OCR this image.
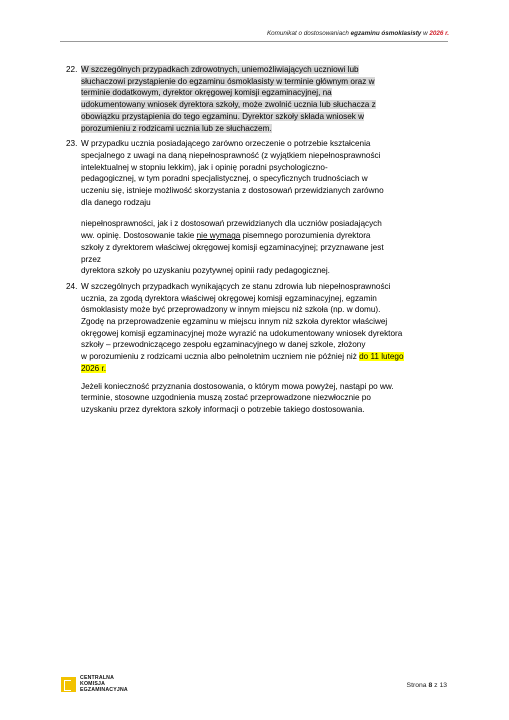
Komunikat o dostosowaniach egzaminu ósmoklasisty w 2026 r.
22. W szczególnych przypadkach zdrowotnych, uniemożliwiających uczniowi lub
słuchaczowi przystąpienie do egzaminu ósmoklasisty w terminie głównym oraz w
terminie dodatkowym, dyrektor okręgowej komisji egzaminacyjnej, na
udokumentowany wniosek dyrektora szkoły, może zwolnić ucznia lub słuchacza z
obowiązku przystąpienia do tego egzaminu. Dyrektor szkoły składa wniosek w
porozumieniu z rodzicami ucznia lub ze słuchaczem.
23. W przypadku ucznia posiadającego zarówno orzeczenie o potrzebie kształcenia
specjalnego z uwagi na daną niepełnosprawność (z wyjątkiem niepełnosprawności
intelektualnej w stopniu lekkim), jak i opinię poradni psychologiczno-
pedagogicznej, w tym poradni specjalistycznej, o specyficznych trudnościach w
uczeniu się, istnieje możliwość skorzystania z dostosowań przewidzianych zarówno
dla danego rodzaju
niepełnosprawności, jak i z dostosowań przewidzianych dla uczniów posiadających
ww. opinię. Dostosowanie takie nie wymaga pisemnego porozumienia dyrektora
szkoły z dyrektorem właściwej okręgowej komisji egzaminacyjnej; przyznawane jest
przez
dyrektora szkoły po uzyskaniu pozytywnej opinii rady pedagogicznej.
24. W szczególnych przypadkach wynikających ze stanu zdrowia lub niepełnosprawności
ucznia, za zgodą dyrektora właściwej okręgowej komisji egzaminacyjnej, egzamin
ósmoklasisty może być przeprowadzony w innym miejscu niż szkoła (np. w domu).
Zgodę na przeprowadzenie egzaminu w miejscu innym niż szkoła dyrektor właściwej
okręgowej komisji egzaminacyjnej może wyrazić na udokumentowany wniosek dyrektora
szkoły – przewodniczącego zespołu egzaminacyjnego w danej szkole, złożony
w porozumieniu z rodzicami ucznia albo pełnoletnim uczniem nie później niż do 11 lutego
2026 r.
Jeżeli konieczność przyznania dostosowania, o którym mowa powyżej, nastąpi po ww.
terminie, stosowne uzgodnienia muszą zostać przeprowadzone niezwłocznie po
uzyskaniu przez dyrektora szkoły informacji o potrzebie takiego dostosowania.
CENTRALNA
KOMISJA
EGZAMINACYJNA
Strona 8 z 13
